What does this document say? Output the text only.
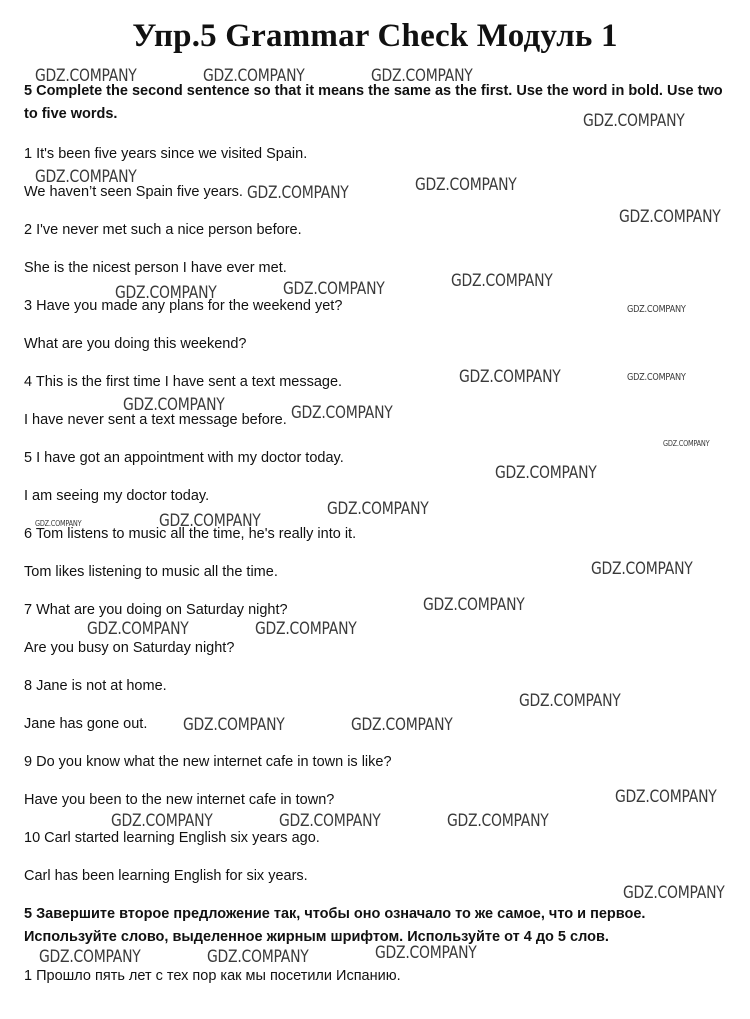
Упр.5 Grammar Check Модуль 1
5 Complete the second sentence so that it means the same as the first. Use the word in bold. Use two to five words.
1 It's been five years since we visited Spain.
We haven’t seen Spain five years.
2 I've never met such a nice person before.
She is the nicest person I have ever met.
3 Have you made any plans for the weekend yet?
What are you doing this weekend?
4 This is the first time I have sent a text message.
I have never sent a text message before.
5 I have got an appointment with my doctor today.
I am seeing my doctor today.
6 Tom listens to music all the time, he's really into it.
Tom likes listening to music all the time.
7 What are you doing on Saturday night?
Are you busy on Saturday night?
8 Jane is not at home.
Jane has gone out.
9 Do you know what the new internet cafe in town is like?
Have you been to the new internet cafe in town?
10 Carl started learning English six years ago.
Carl has been learning English for six years.
5 Завершите второе предложение так, чтобы оно означало то же самое, что и первое. Используйте слово, выделенное жирным шрифтом. Используйте от 4 до 5 слов.
1 Прошло пять лет с тех пор как мы посетили Испанию.
GDZ.COMPANY	GDZ.COMPANY	GDZ.COMPANY
GDZ.COMPANY
GDZ.COMPANY	GDZ.COMPANY
GDZ.COMPANY
GDZ.COMPANY
GDZ.COMPANY
GDZ.COMPANY
GDZ.COMPANY
GDZ.COMPANY
GDZ.COMPANY	GDZ.COMPANY
GDZ.COMPANY	GDZ.COMPANY
GDZ.COMPANY
GDZ.COMPANY
GDZ.COMPANY
GDZ.COMPANY
GDZ.COMPANY
GDZ.COMPANY
GDZ.COMPANY
GDZ.COMPANY	GDZ.COMPANY
GDZ.COMPANY
GDZ.COMPANY	GDZ.COMPANY
GDZ.COMPANY
GDZ.COMPANY	GDZ.COMPANY	GDZ.COMPANY
GDZ.COMPANY
GDZ.COMPANY
GDZ.COMPANY	GDZ.COMPANY
